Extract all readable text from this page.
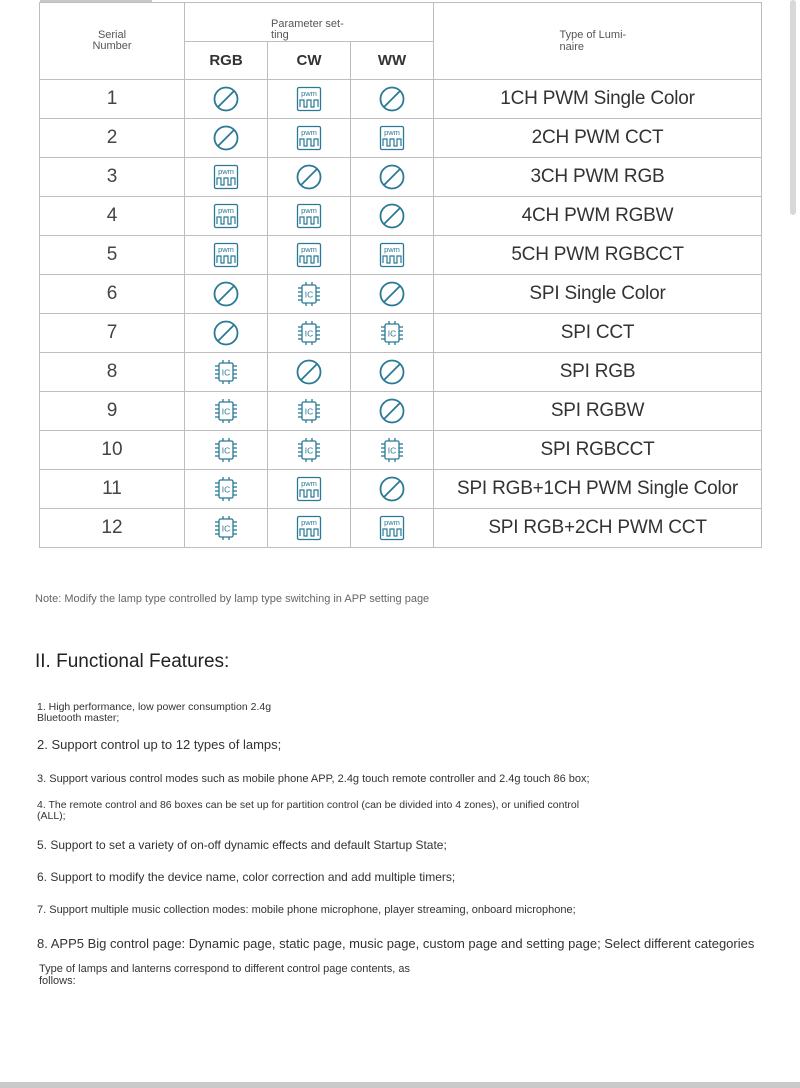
Serial Number	Parameter set-ting			Type of Lumi-naire

	RGB	CW	WW	
1		pwm		1CH PWM Single Color
2		pwm	pwm	2CH PWM CCT
3	pwm			3CH PWM RGB
4	pwm	pwm		4CH PWM RGBW
5	pwm	pwm	pwm	5CH PWM RGBCCT
6		IC		SPI Single Color
7		IC	IC	SPI CCT
8	IC			SPI RGB
9	IC	IC		SPI RGBW
10	IC	IC	IC	SPI RGBCCT
11	IC	pwm		SPI RGB+1CH PWM Single Color
12	IC	pwm	pwm	SPI RGB+2CH PWM CCT
Note: Modify the lamp type controlled by lamp type switching in APP setting page
II. Functional Features:
1. High performance, low power consumption 2.4g Bluetooth master;
2. Support control up to 12 types of lamps;
3. Support various control modes such as mobile phone APP, 2.4g touch remote controller and 2.4g touch 86 box;
4. The remote control and 86 boxes can be set up for partition control (can be divided into 4 zones), or unified control (ALL);
5. Support to set a variety of on-off dynamic effects and default Startup State;
6. Support to modify the device name, color correction and add multiple timers;
7. Support multiple music collection modes: mobile phone microphone, player streaming, onboard microphone;
8. APP5 Big control page: Dynamic page, static page, music page, custom page and setting page; Select different categories
Type of lamps and lanterns correspond to different control page contents, as follows:
